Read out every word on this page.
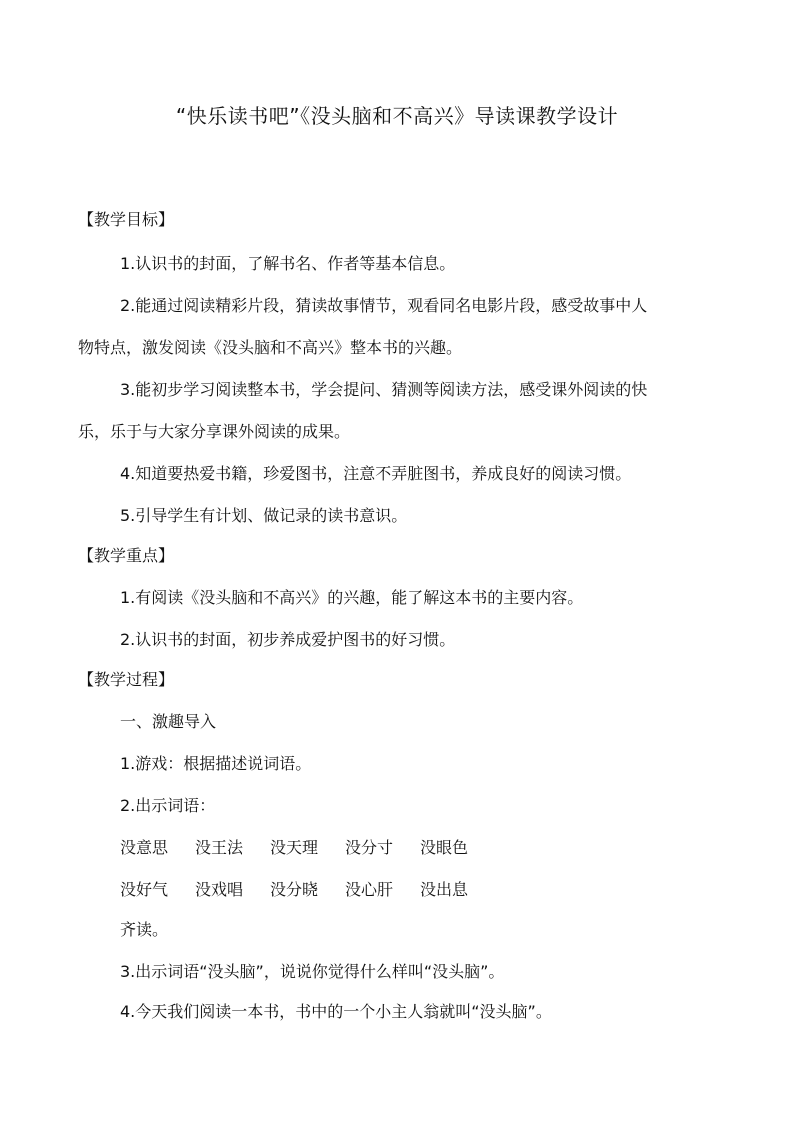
“快乐读书吧”《没头脑和不高兴》导读课教学设计
【教学目标】
1.认识书的封面，了解书名、作者等基本信息。
2.能通过阅读精彩片段，猜读故事情节，观看同名电影片段，感受故事中人
物特点，激发阅读《没头脑和不高兴》整本书的兴趣。
3.能初步学习阅读整本书，学会提问、猜测等阅读方法，感受课外阅读的快
乐，乐于与大家分享课外阅读的成果。
4.知道要热爱书籍，珍爱图书，注意不弄脏图书，养成良好的阅读习惯。
5.引导学生有计划、做记录的读书意识。
【教学重点】
1.有阅读《没头脑和不高兴》的兴趣，能了解这本书的主要内容。
2.认识书的封面，初步养成爱护图书的好习惯。
【教学过程】
一、激趣导入
1.游戏：根据描述说词语。
2.出示词语：
没意思 没王法 没天理 没分寸 没眼色
没好气 没戏唱 没分晓 没心肝 没出息
齐读。
3.出示词语“没头脑”，说说你觉得什么样叫“没头脑”。
4.今天我们阅读一本书，书中的一个小主人翁就叫“没头脑”。
